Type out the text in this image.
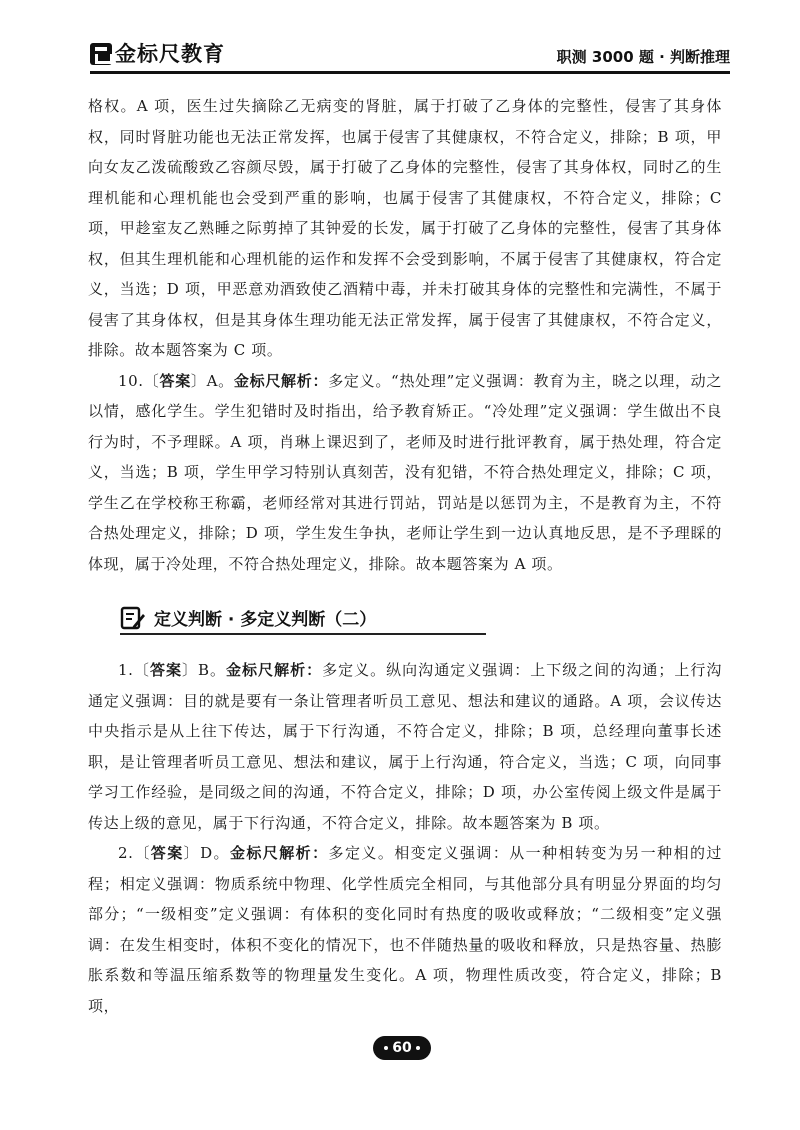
金标尺教育	职测 3000 题 · 判断推理

格权。A 项，医生过失摘除乙无病变的肾脏，属于打破了乙身体的完整性，侵害了其身体权，同时肾脏功能也无法正常发挥，也属于侵害了其健康权，不符合定义，排除；B 项，甲向女友乙泼硫酸致乙容颜尽毁，属于打破了乙身体的完整性，侵害了其身体权，同时乙的生理机能和心理机能也会受到严重的影响，也属于侵害了其健康权，不符合定义，排除；C 项，甲趁室友乙熟睡之际剪掉了其钟爱的长发，属于打破了乙身体的完整性，侵害了其身体权，但其生理机能和心理机能的运作和发挥不会受到影响，不属于侵害了其健康权，符合定义，当选；D 项，甲恶意劝酒致使乙酒精中毒，并未打破其身体的完整性和完满性，不属于侵害了其身体权，但是其身体生理功能无法正常发挥，属于侵害了其健康权，不符合定义，排除。故本题答案为 C 项。

10.〔答案〕A。金标尺解析：多定义。“热处理”定义强调：教育为主，晓之以理，动之以情，感化学生。学生犯错时及时指出，给予教育矫正。“冷处理”定义强调：学生做出不良行为时，不予理睬。A 项，肖琳上课迟到了，老师及时进行批评教育，属于热处理，符合定义，当选；B 项，学生甲学习特别认真刻苦，没有犯错，不符合热处理定义，排除；C 项，学生乙在学校称王称霸，老师经常对其进行罚站，罚站是以惩罚为主，不是教育为主，不符合热处理定义，排除；D 项，学生发生争执，老师让学生到一边认真地反思，是不予理睬的体现，属于冷处理，不符合热处理定义，排除。故本题答案为 A 项。

定义判断 · 多定义判断（二）

1.〔答案〕B。金标尺解析：多定义。纵向沟通定义强调：上下级之间的沟通；上行沟通定义强调：目的就是要有一条让管理者听员工意见、想法和建议的通路。A 项，会议传达中央指示是从上往下传达，属于下行沟通，不符合定义，排除；B 项，总经理向董事长述职，是让管理者听员工意见、想法和建议，属于上行沟通，符合定义，当选；C 项，向同事学习工作经验，是同级之间的沟通，不符合定义，排除；D 项，办公室传阅上级文件是属于传达上级的意见，属于下行沟通，不符合定义，排除。故本题答案为 B 项。

2.〔答案〕D。金标尺解析：多定义。相变定义强调：从一种相转变为另一种相的过程；相定义强调：物质系统中物理、化学性质完全相同，与其他部分具有明显分界面的均匀部分；“一级相变”定义强调：有体积的变化同时有热度的吸收或释放；“二级相变”定义强调：在发生相变时，体积不变化的情况下，也不伴随热量的吸收和释放，只是热容量、热膨胀系数和等温压缩系数等的物理量发生变化。A 项，物理性质改变，符合定义，排除；B 项，

60
